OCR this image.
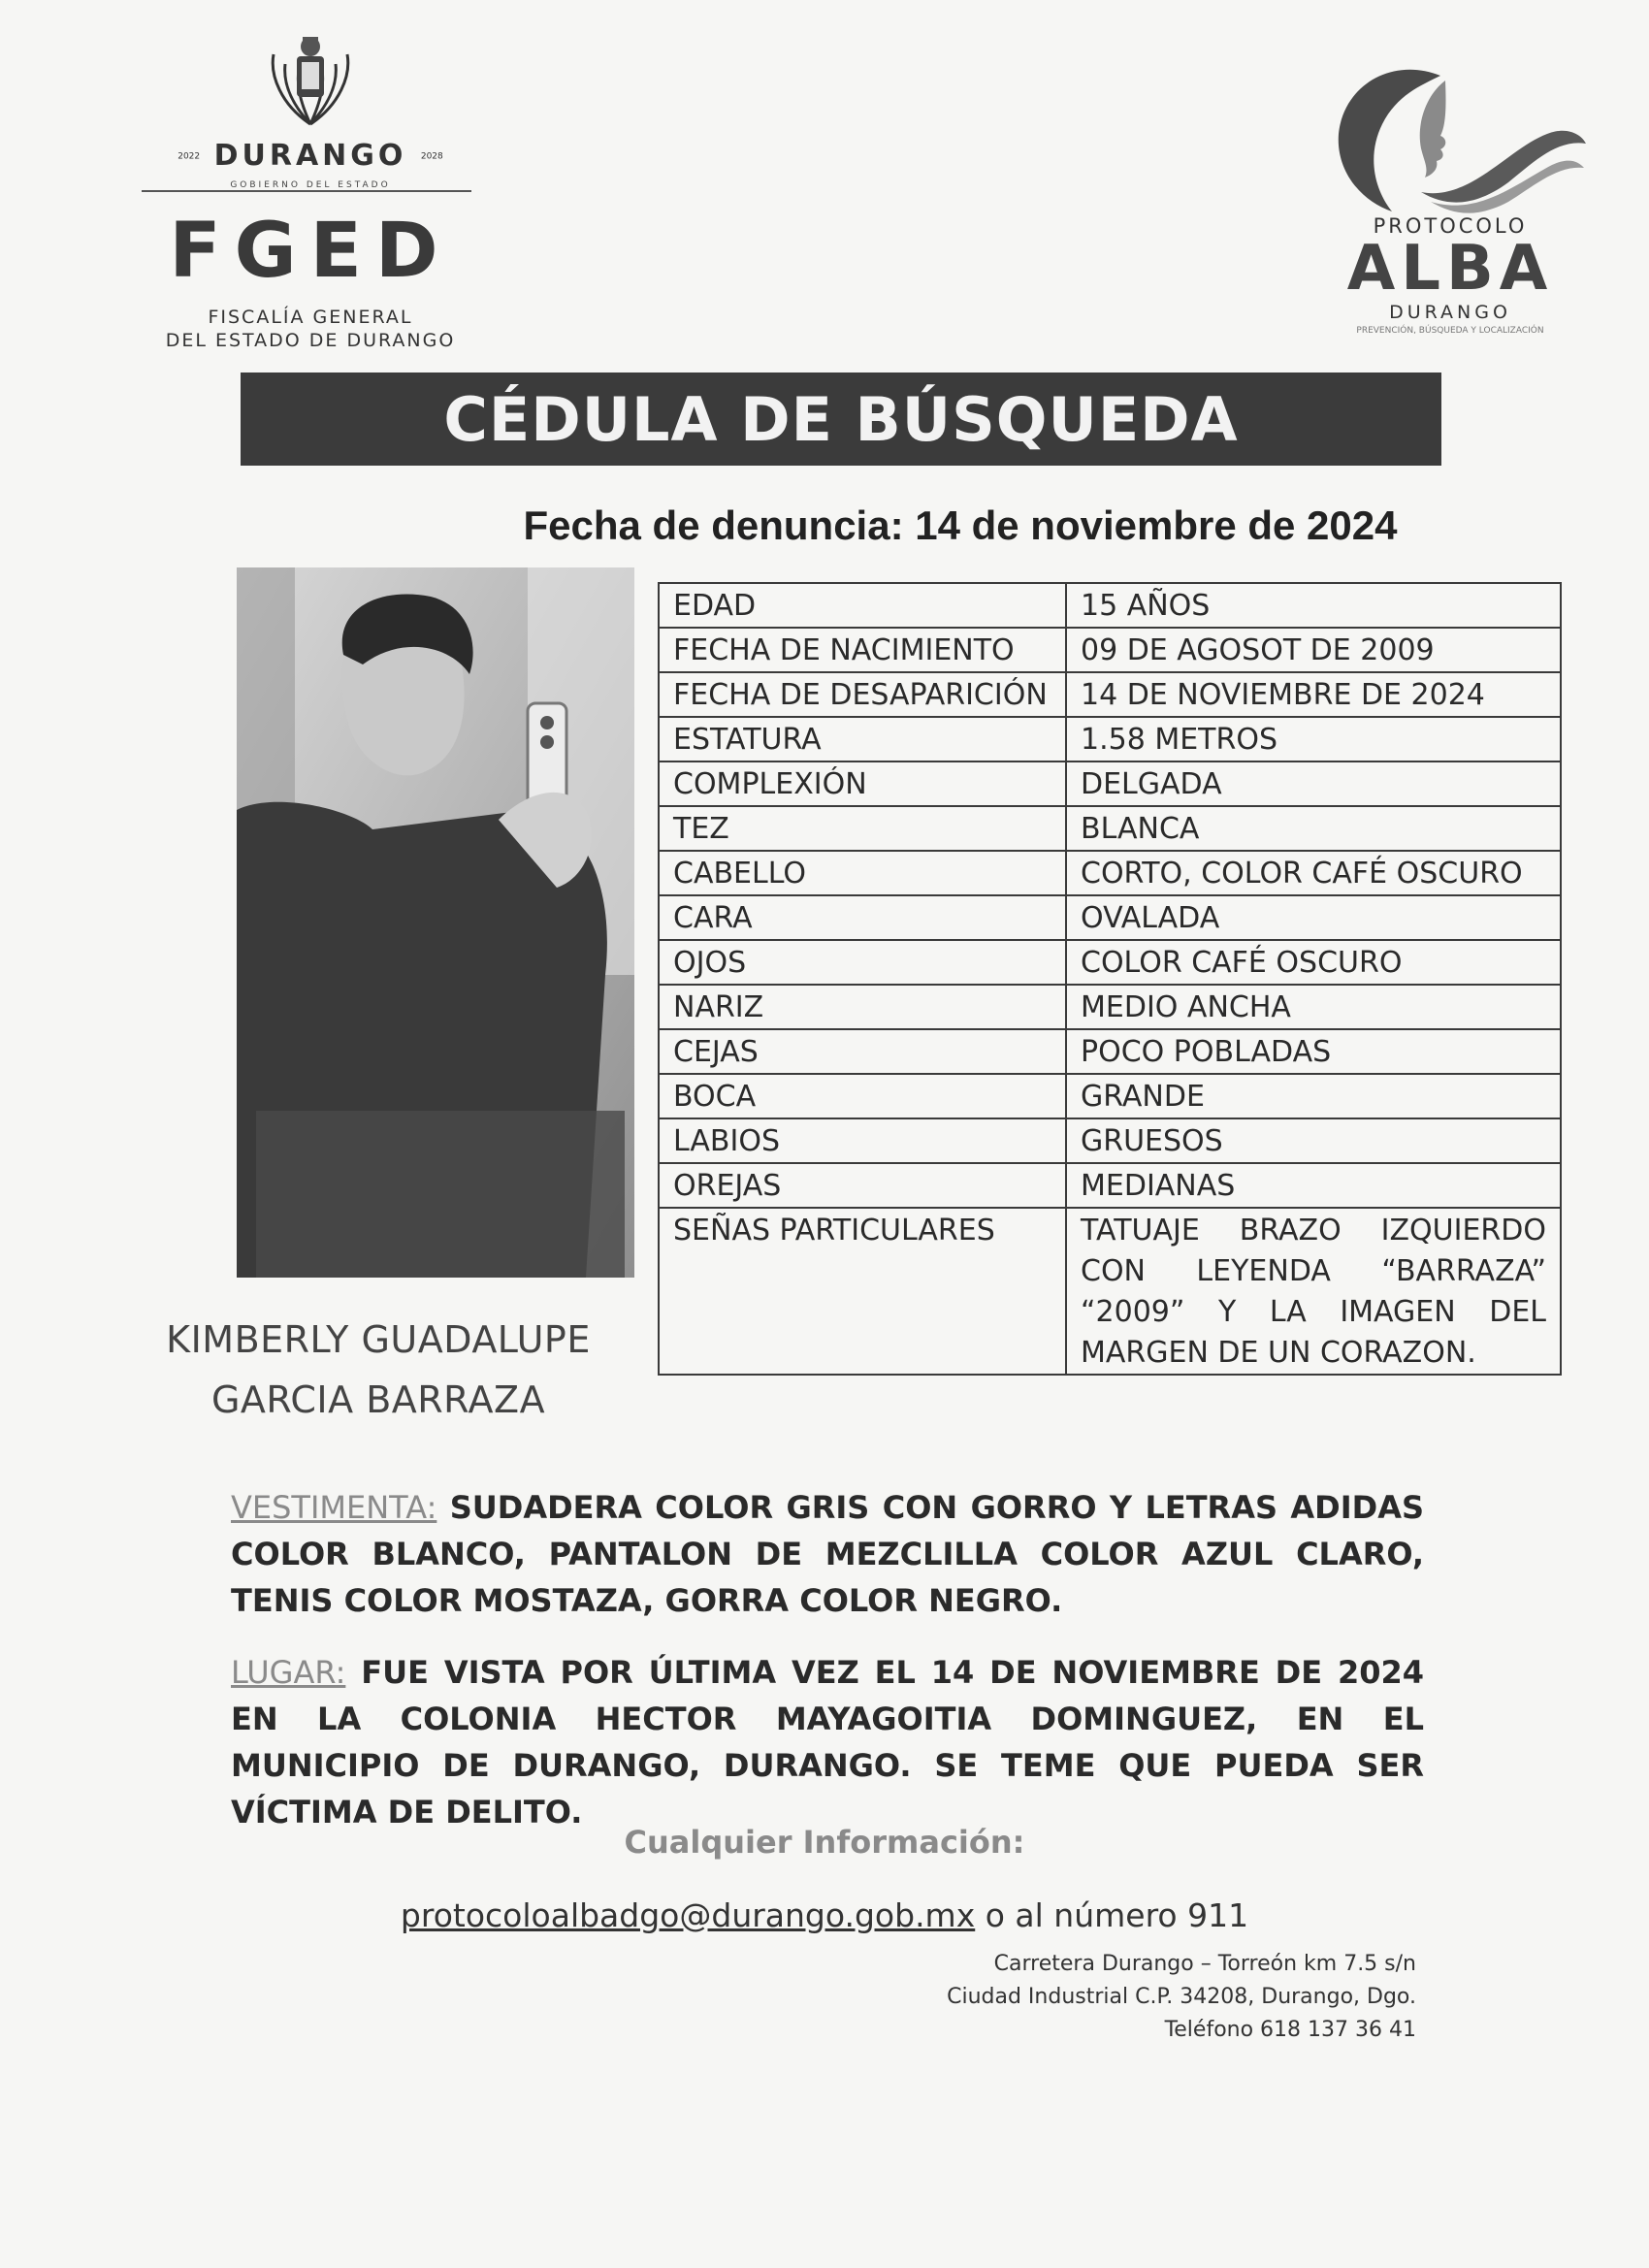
2022 DURANGO 2028
GOBIERNO DEL ESTADO
FGED
FISCALÍA GENERAL
DEL ESTADO DE DURANGO
PROTOCOLO
ALBA
DURANGO
PREVENCIÓN, BÚSQUEDA Y LOCALIZACIÓN
CÉDULA DE BÚSQUEDA
Fecha de denuncia: 14 de noviembre de 2024
KIMBERLY GUADALUPE
GARCIA BARRAZA
EDAD	15 AÑOS
FECHA DE NACIMIENTO	09 DE AGOSOT DE 2009
FECHA DE DESAPARICIÓN	14 DE NOVIEMBRE DE 2024
ESTATURA	1.58 METROS
COMPLEXIÓN	DELGADA
TEZ	BLANCA
CABELLO	CORTO, COLOR CAFÉ OSCURO
CARA	OVALADA
OJOS	COLOR CAFÉ OSCURO
NARIZ	MEDIO ANCHA
CEJAS	POCO POBLADAS
BOCA	GRANDE
LABIOS	GRUESOS
OREJAS	MEDIANAS
SEÑAS PARTICULARES	TATUAJE BRAZO IZQUIERDO CON LEYENDA “BARRAZA” “2009” Y LA IMAGEN DEL MARGEN DE UN CORAZON.
VESTIMENTA: SUDADERA COLOR GRIS CON GORRO Y LETRAS ADIDAS COLOR BLANCO, PANTALON DE MEZCLILLA COLOR AZUL CLARO, TENIS COLOR MOSTAZA, GORRA COLOR NEGRO.
LUGAR: FUE VISTA POR ÚLTIMA VEZ EL 14 DE NOVIEMBRE DE 2024 EN LA COLONIA HECTOR MAYAGOITIA DOMINGUEZ, EN EL MUNICIPIO DE DURANGO, DURANGO. SE TEME QUE PUEDA SER VÍCTIMA DE DELITO.
Cualquier Información:
protocoloalbadgo@durango.gob.mx o al número 911
Carretera Durango – Torreón km 7.5 s/n
Ciudad Industrial C.P. 34208, Durango, Dgo.
Teléfono 618 137 36 41
